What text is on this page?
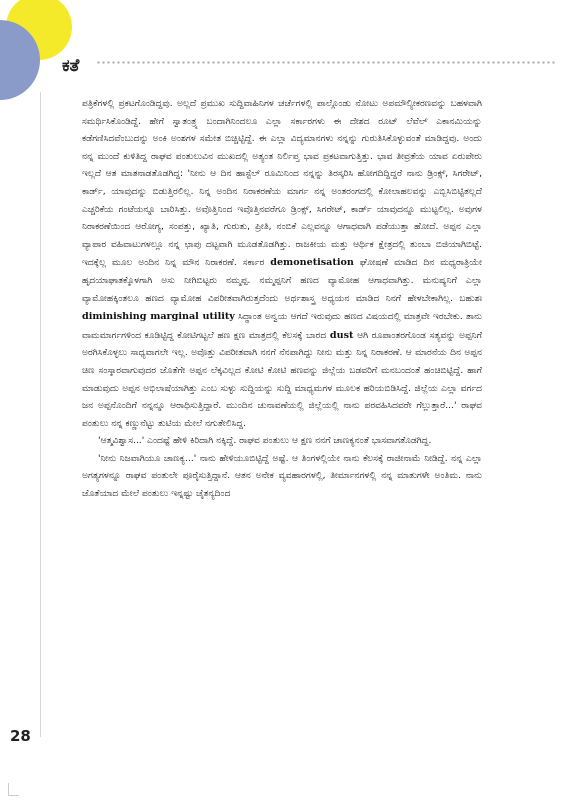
ಕತೆ

ಪತ್ರಿಕೆಗಳಲ್ಲಿ ಪ್ರಕಟಗೊಂಡಿದ್ದವು. ಅಲ್ಲದೆ ಪ್ರಮುಖ ಸುದ್ದಿವಾಹಿನಿಗಳ ಚರ್ಚೆಗಳಲ್ಲಿ ಪಾಲ್ಗೊಂಡು ನೋಟು ಅಪಮೌಲ್ಯೀಕರಣವನ್ನು ಬಹಳವಾಗಿ ಸಮರ್ಥಿಸಿಕೊಂಡಿದ್ದೆ. ಹೇಗೆ ಸ್ವಾತಂತ್ರ್ಯ ಬಂದಾಗಿನಿಂದಲೂ ಎಲ್ಲಾ ಸರ್ಕಾರಗಳು ಈ ದೇಶದ ರೂಟ್ ಲೆವೆಲ್ ಎಕಾನಮಿಯನ್ನು ಕಡೆಗಣಿಸಿದವೆಂಬುದನ್ನು ಅಂಕಿ ಅಂಶಗಳ ಸಮೇತ ಬಿಚ್ಚಿಟ್ಟಿದ್ದೆ. ಈ ಎಲ್ಲಾ ವಿದ್ಯಮಾನಗಳು ನನ್ನನ್ನು ಗುರುತಿಸಿಕೊಳ್ಳುವಂತೆ ಮಾಡಿದ್ದವು. ಅಂದು ನನ್ನ ಮುಂದೆ ಕುಳಿತಿದ್ದ ರಾಘವ ಪಂತುಲುವಿನ ಮುಖದಲ್ಲಿ ಅತ್ಯಂತ ನಿರ್ಲಿಪ್ತ ಭಾವ ಪ್ರಕಟವಾಗುತ್ತಿತ್ತು. ಭಾವ ತೀವ್ರತೆಯ ಯಾವ ಏರುಪೇರು ಇಲ್ಲದೆ ಆತ ಮಾತನಾಡತೊಡಗಿದ್ದ: 'ನೀನು ಆ ದಿನ ಹಾಸ್ಟೆಲ್ ರೂಮಿನಿಂದ ನನ್ನನ್ನು ತಿರಸ್ಕರಿಸಿ ಹೋಗದಿದ್ದಿದ್ದರೆ ನಾನು ಡ್ರಿಂಕ್ಸ್, ಸಿಗರೇಟ್, ಕಾರ್ಡ್, ಯಾವುದನ್ನು ಬಿಡುತ್ತಿರಲಿಲ್ಲ. ನಿನ್ನ ಅಂದಿನ ನಿರಾಕರಣೆಯ ಮಾರ್ಗ ನನ್ನ ಅಂತರಂಗದಲ್ಲಿ ಕೋಲಾಹಲವನ್ನು ಎಬ್ಬಿಸಿಬಿಟ್ಟಿತಲ್ಲದೆ ಎಚ್ಚರಿಕೆಯ ಗಂಟೆಯನ್ನೂ ಬಾರಿಸಿತ್ತು. ಅವೊತ್ತಿನಿಂದ ಇವೊತ್ತಿನವರೆಗೂ ಡ್ರಿಂಕ್ಸ್, ಸಿಗರೇಟ್, ಕಾರ್ಡ್ ಯಾವುದನ್ನೂ ಮುಟ್ಟಲಿಲ್ಲ. ಅವುಗಳ ನಿರಾಕರಣೆಯಿಂದ ಆರೋಗ್ಯ, ಸಂಪತ್ತು, ಖ್ಯಾತಿ, ಗುರುತು, ಪ್ರೀತಿ, ನಂಬಿಕೆ ಎಲ್ಲವನ್ನೂ ಆಗಾಧವಾಗಿ ಪಡೆಯುತ್ತಾ ಹೋದೆ. ಅಪ್ಪನ ಎಲ್ಲಾ ವ್ಯಾಪಾರ ವಹಿವಾಟುಗಳಲ್ಲೂ ನನ್ನ ಛಾಪು ದಟ್ಟವಾಗಿ ಮೂಡತೊಡಗಿತ್ತು. ರಾಜಕೀಯ ಮತ್ತು ಆರ್ಥಿಕ ಕ್ಷೇತ್ರದಲ್ಲಿ ತುಂಬಾ ಬಿಜಿಯಾಗಿಬಿಟ್ಟೆ. ಇದಕ್ಕೆಲ್ಲ ಮೂಲ ಅಂದಿನ ನಿನ್ನ ಮೌನ ನಿರಾಕರಣೆ. ಸರ್ಕಾರ demonetisation ಘೋಷಣೆ ಮಾಡಿದ ದಿನ ಮಧ್ಯರಾತ್ರಿಯೇ ಹೃದಯಾಘಾತಕ್ಕೊಳಗಾಗಿ ಅಸು ನೀಗಿಬಿಟ್ಟರು ನಮ್ಮಪ್ಪ. ನಮ್ಮಪ್ಪನಿಗೆ ಹಣದ ವ್ಯಾಮೋಹ ಆಗಾಧವಾಗಿತ್ತು. ಮನುಷ್ಯನಿಗೆ ಎಲ್ಲಾ ವ್ಯಾಮೋಹಕ್ಕಿಂತಲೂ ಹಣದ ವ್ಯಾಮೋಹ ವಿಪರೀತವಾಗಿರುತ್ತದೆಂದು ಅರ್ಥಶಾಸ್ತ್ರ ಅಧ್ಯಯನ ಮಾಡಿದ ನಿನಗೆ ಹೇಳಬೇಕಾಗಿಲ್ಲ. ಬಹುಶಃ diminishing marginal utility ಸಿದ್ಧಾಂತ ಅನ್ವಯ ಆಗದೆ ಇರುವುದು ಹಣದ ವಿಷಯದಲ್ಲಿ ಮಾತ್ರವೇ ಇರಬೇಕು. ತಾನು ವಾಮಮಾರ್ಗಗಳಿಂದ ಕೂಡಿಟ್ಟಿದ್ದ ಕೋಟಿಗಟ್ಟಲೆ ಹಣ ಕ್ಷಣ ಮಾತ್ರದಲ್ಲಿ ಕೆಲಸಕ್ಕೆ ಬಾರದ dust ಆಗಿ ರೂಪಾಂತರಗೊಂಡ ಸತ್ಯವನ್ನು ಅಪ್ಪನಿಗೆ ಅರಗಿಸಿಕೊಳ್ಳಲು ಸಾಧ್ಯವಾಗಲೇ ಇಲ್ಲ. ಅವೊತ್ತು ವಿಪರೀತವಾಗಿ ನನಗೆ ನೆನಪಾಗಿದ್ದು ನೀನು ಮತ್ತು ನಿನ್ನ ನಿರಾಕರಣೆ. ಆ ಮಾರನೆಯ ದಿನ ಅಪ್ಪನ ಚಿಣ ಸಂಸ್ಕಾರವಾಗುವುದರ ಜೊತೆಗೇ ಅಪ್ಪನ ಲೆಕ್ಕವಿಲ್ಲದ ಕೋಟಿ ಕೋಟಿ ಹಣವನ್ನು ಜಿಲ್ಲೆಯ ಬಡವರಿಗೆ ಮನಬಂದಂತೆ ಹಂಚಿಬಿಟ್ಟಿದ್ದೆ. ಹಾಗೆ ಮಾಡುವುದು ಅಪ್ಪನ ಅಭಿಲಾಷೆಯಾಗಿತ್ತು ಎಂಬ ಸುಳ್ಳು ಸುದ್ದಿಯನ್ನು ಸುದ್ದಿ ಮಾಧ್ಯಮಗಳ ಮೂಲಕ ಹರಿಯಬಿಡಿಸಿದ್ದೆ. ಜಿಲ್ಲೆಯ ಎಲ್ಲಾ ವರ್ಗದ ಜನ ಅಪ್ಪನೊಂದಿಗೆ ನನ್ನನ್ನೂ ಆರಾಧಿಸುತ್ತಿದ್ದಾರೆ. ಮುಂದಿನ ಚುನಾವಣೆಯಲ್ಲಿ ಜಿಲ್ಲೆಯಲ್ಲಿ ನಾನು ಪರವಹಿಸಿದವರೇ ಗೆಲ್ಲುತ್ತಾರೆ...' ರಾಘವ ಪಂತುಲು ನನ್ನ ಕಣ್ಣುನೆಟ್ಟು ತುಟಿಯ ಮೇಲೆ ನಗುತೇಲಿಸಿದ್ದ.

'ಆತ್ಮವಿಶ್ವಾಸ...' ಎಂದಷ್ಟೆ ಹೇಳಿ ಕಿರಿದಾಗಿ ನಕ್ಕಿದ್ದೆ. ರಾಘವ ಪಂತುಲು ಆ ಕ್ಷಣ ನನಗೆ ಚಾಣಕ್ಯನಂತೆ ಭಾಸವಾಗತೊಡಗಿದ್ದ.

'ನೀನು ನಿಜವಾಗಿಯೂ ಚಾಣಕ್ಯ...' ನಾನು ಹೇಳಿಯೂಬಿಟ್ಟಿದ್ದೆ ಅಷ್ಟೆ. ಆ ತಿಂಗಳಲ್ಲಿಯೇ ನಾನು ಕೆಲಸಕ್ಕೆ ರಾಜೀನಾಮೆ ನೀಡಿದ್ದೆ. ನನ್ನ ಎಲ್ಲಾ ಅಗತ್ಯಗಳನ್ನೂ ರಾಘವ ಪಂತುಲೇ ಪೂರೈಸುತ್ತಿದ್ದಾನೆ. ಆತನ ಅನೇಕ ವ್ಯವಹಾರಗಳಲ್ಲಿ, ತೀರ್ಮಾನಗಳಲ್ಲಿ ನನ್ನ ಮಾತುಗಳೇ ಅಂತಿಮ. ನಾನು ಜೊತೆಯಾದ ಮೇಲೆ ಪಂತುಲು ಇನ್ನಷ್ಟು ಚೈತನ್ಯದಿಂದ

28
